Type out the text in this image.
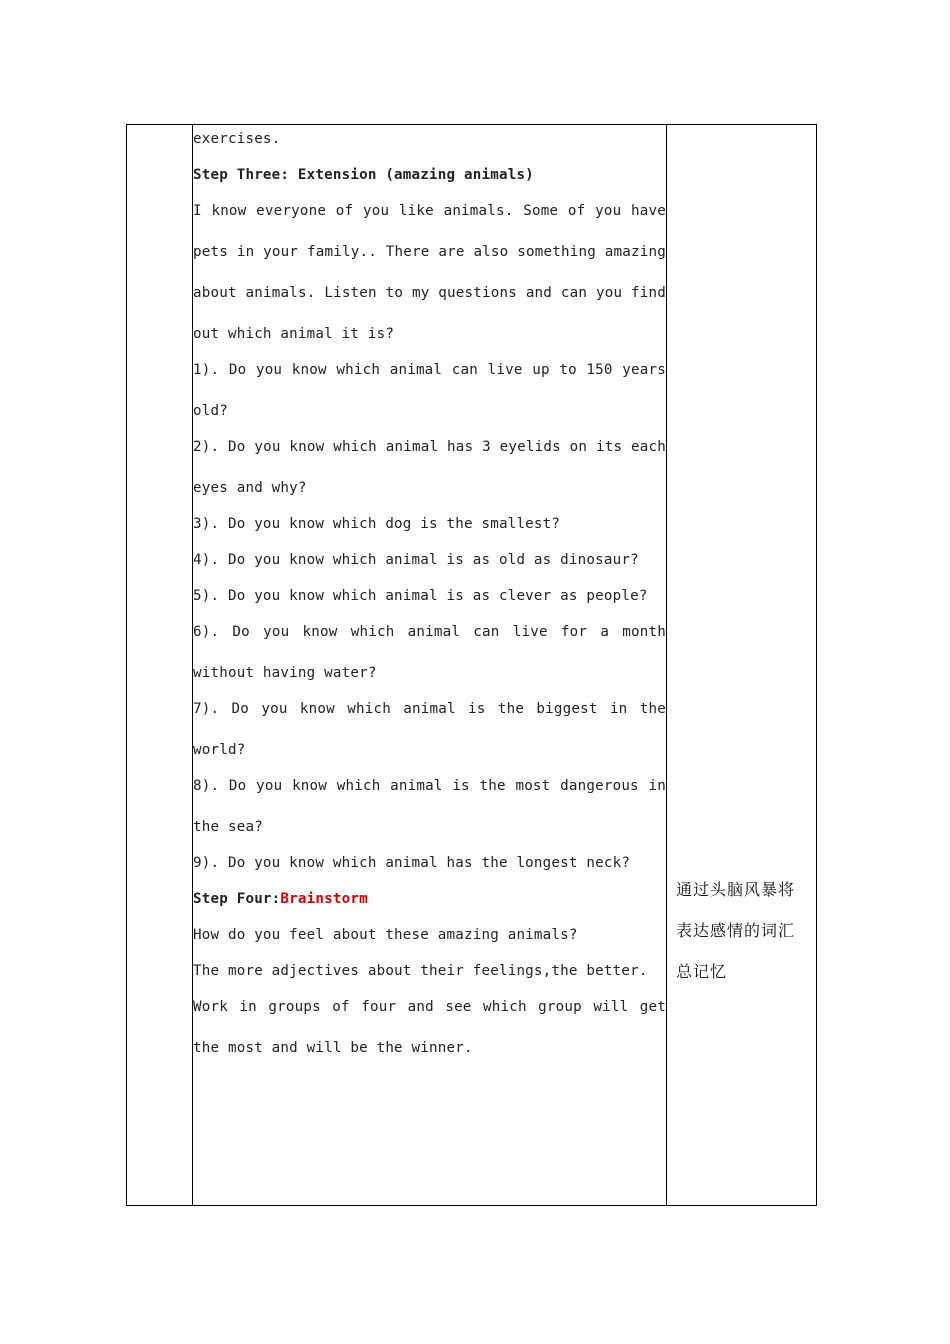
exercises.
Step Three: Extension (amazing animals)
I know everyone of you like animals. Some of you have
pets in your family.. There are also something amazing
about animals. Listen to my questions and can you find
out which animal it is?
1). Do you know which animal can live up to 150 years
old?
2). Do you know which animal has 3 eyelids on its each
eyes and why?
3). Do you know which dog is the smallest?
4). Do you know which animal is as old as dinosaur?
5). Do you know which animal is as clever as people?
6). Do you know which animal can live for a month
without having water?
7). Do you know which animal is the biggest in the
world?
8). Do you know which animal is the most dangerous in
the sea?
9). Do you know which animal has the longest neck?
Step Four:Brainstorm
How do you feel about these amazing animals?
The more adjectives about their feelings,the better.
Work in groups of four and see which group will get
the most and will be the winner.

通过头脑风暴将表达感情的词汇总记忆
